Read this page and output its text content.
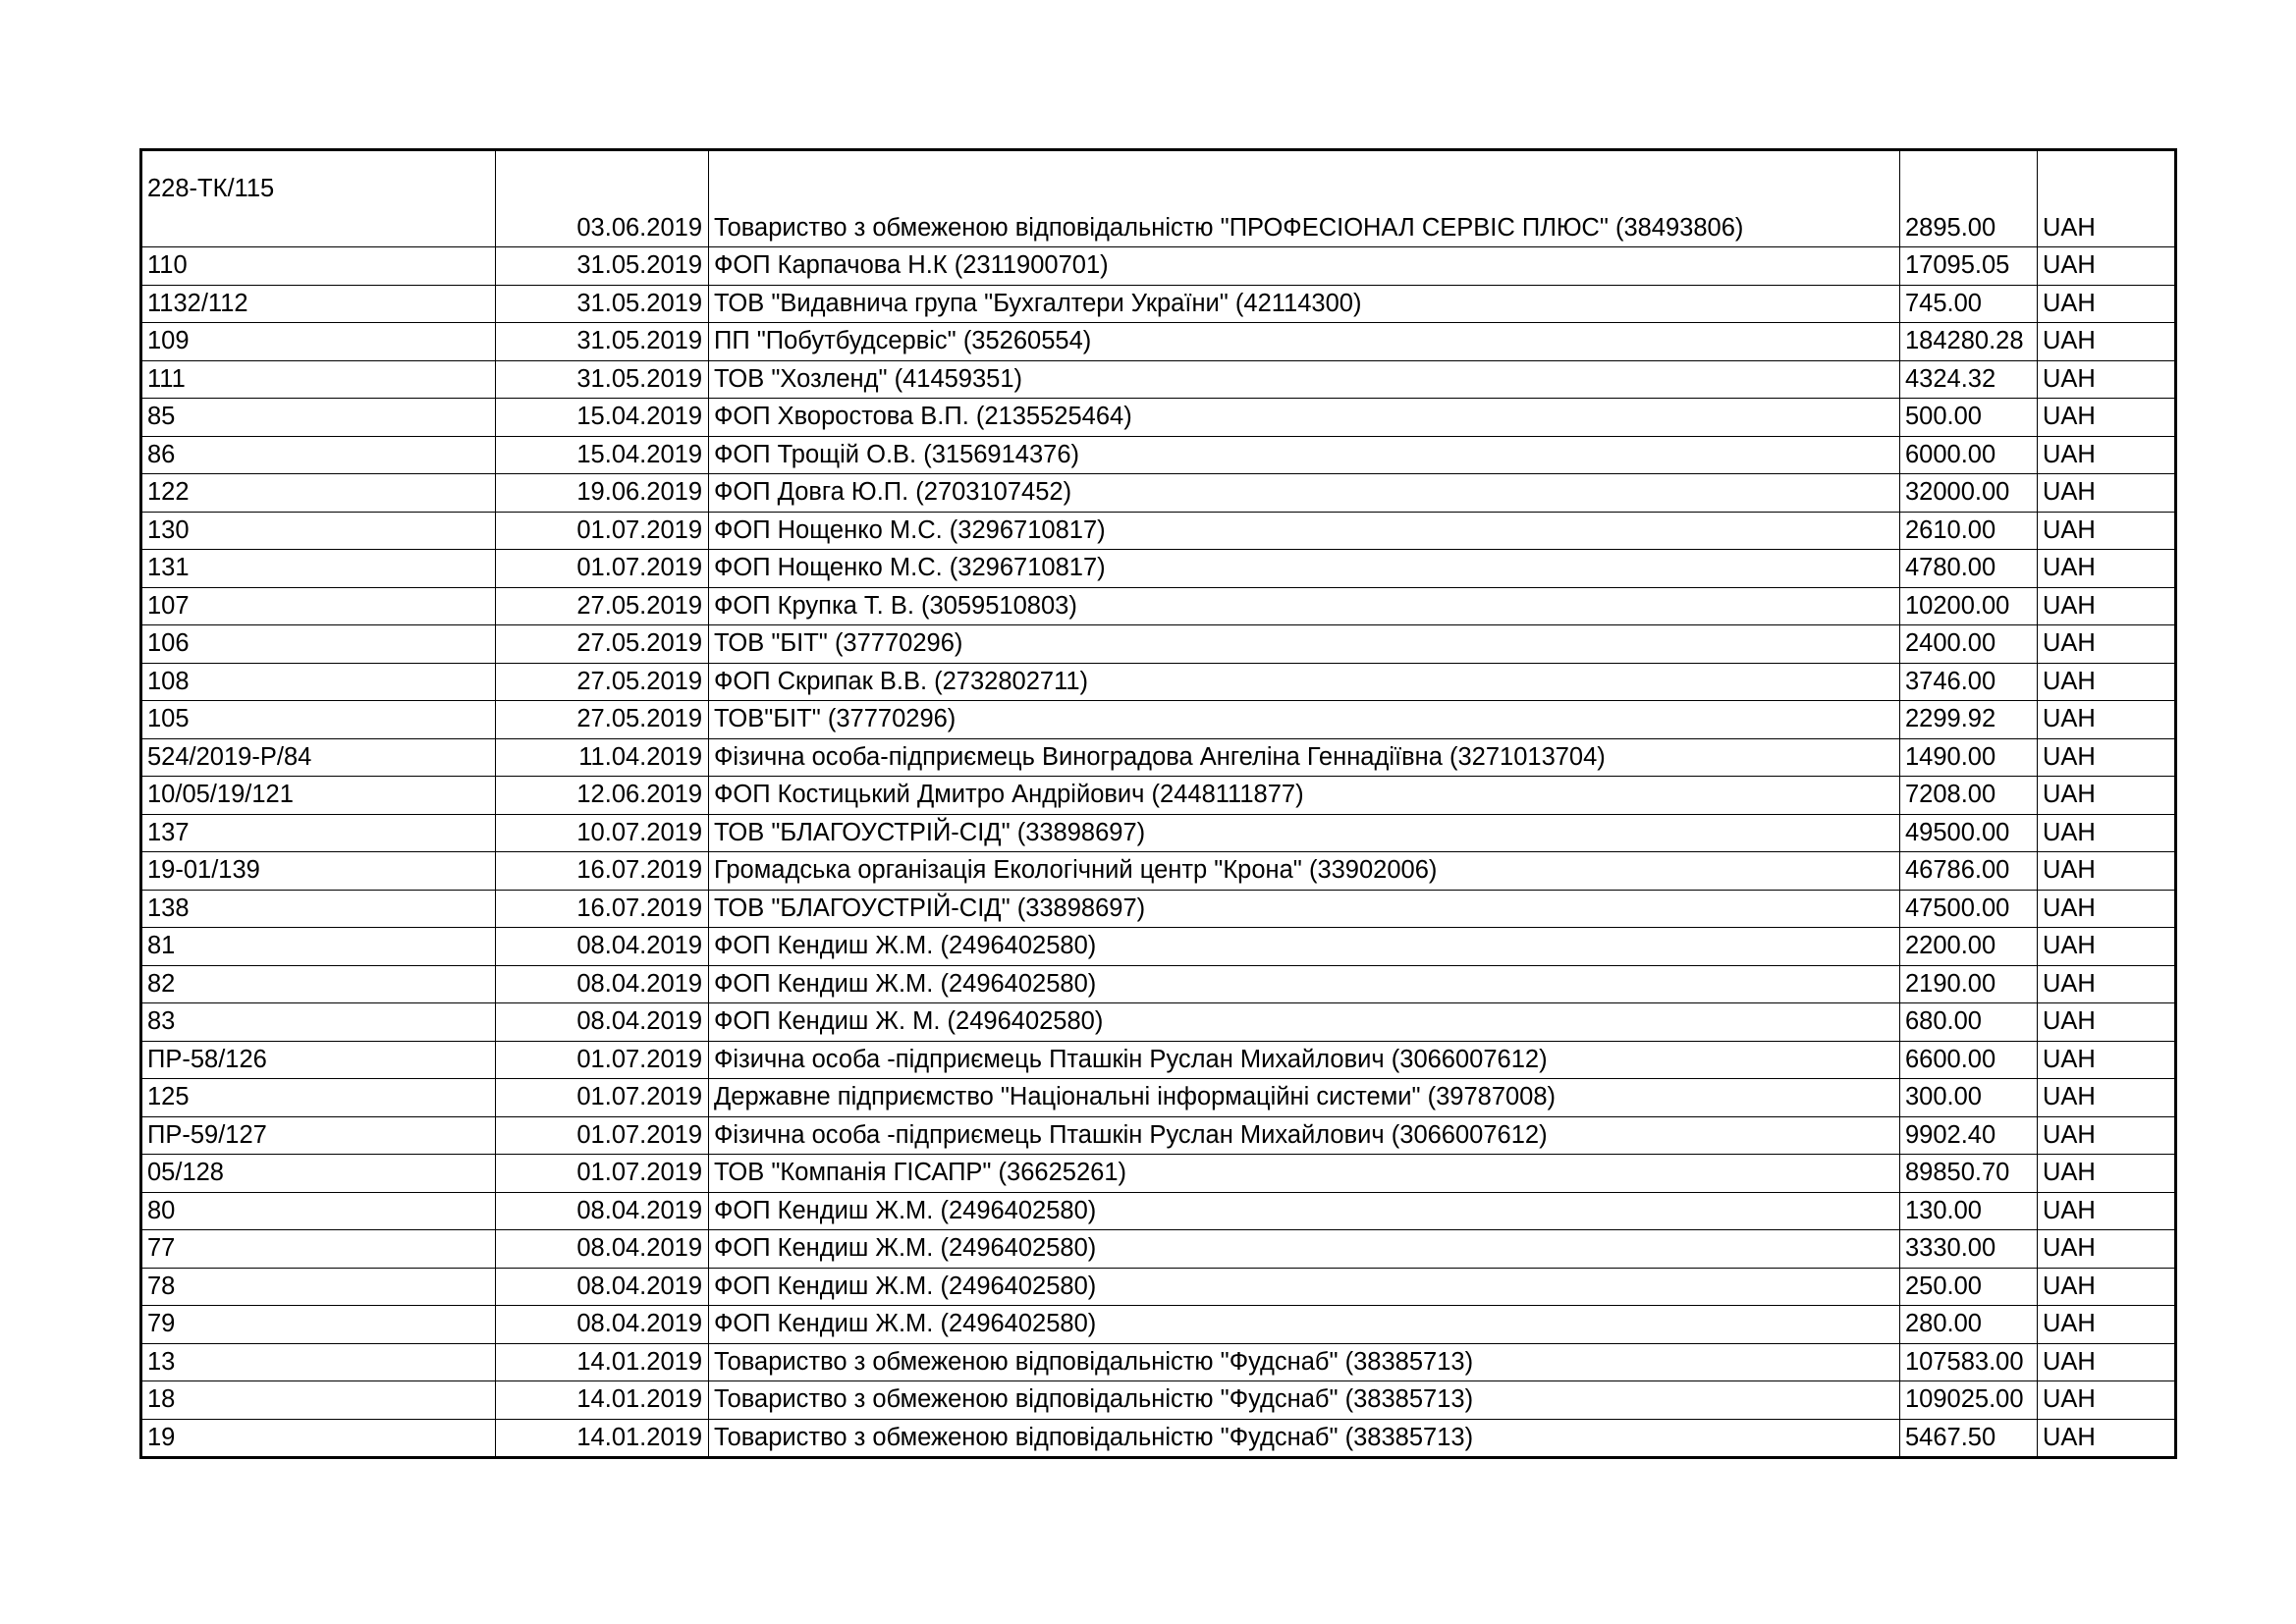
228-ТК/115	03.06.2019	Товариство з обмеженою відповідальністю "ПРОФЕСІОНАЛ СЕРВІС ПЛЮС" (38493806)	2895.00	UAH
110	31.05.2019	ФОП Карпачова Н.К (2311900701)	17095.05	UAH
1132/112	31.05.2019	ТОВ "Видавнича група "Бухгалтери України" (42114300)	745.00	UAH
109	31.05.2019	ПП "Побутбудсервіс" (35260554)	184280.28	UAH
111	31.05.2019	ТОВ "Хозленд" (41459351)	4324.32	UAH
85	15.04.2019	ФОП Хворостова В.П. (2135525464)	500.00	UAH
86	15.04.2019	ФОП Трощій О.В. (3156914376)	6000.00	UAH
122	19.06.2019	ФОП Довга Ю.П. (2703107452)	32000.00	UAH
130	01.07.2019	ФОП Нощенко М.С. (3296710817)	2610.00	UAH
131	01.07.2019	ФОП Нощенко М.С. (3296710817)	4780.00	UAH
107	27.05.2019	ФОП Крупка Т. В. (3059510803)	10200.00	UAH
106	27.05.2019	ТОВ "БІТ" (37770296)	2400.00	UAH
108	27.05.2019	ФОП Скрипак В.В. (2732802711)	3746.00	UAH
105	27.05.2019	ТОВ"БІТ" (37770296)	2299.92	UAH
524/2019-Р/84	11.04.2019	Фізична особа-підприємець Виноградова Ангеліна Геннадіївна (3271013704)	1490.00	UAH
10/05/19/121	12.06.2019	ФОП Костицький Дмитро Андрійович (2448111877)	7208.00	UAH
137	10.07.2019	ТОВ "БЛАГОУСТРІЙ-СІД" (33898697)	49500.00	UAH
19-01/139	16.07.2019	Громадська організація Екологічний центр "Крона" (33902006)	46786.00	UAH
138	16.07.2019	ТОВ "БЛАГОУСТРІЙ-СІД" (33898697)	47500.00	UAH
81	08.04.2019	ФОП Кендиш Ж.М. (2496402580)	2200.00	UAH
82	08.04.2019	ФОП Кендиш Ж.М. (2496402580)	2190.00	UAH
83	08.04.2019	ФОП Кендиш Ж. М. (2496402580)	680.00	UAH
ПР-58/126	01.07.2019	Фізична особа -підприємець Пташкін Руслан Михайлович (3066007612)	6600.00	UAH
125	01.07.2019	Державне підприємство "Національні інформаційні системи" (39787008)	300.00	UAH
ПР-59/127	01.07.2019	Фізична особа -підприємець Пташкін Руслан Михайлович (3066007612)	9902.40	UAH
05/128	01.07.2019	ТОВ "Компанія ГІСАПР" (36625261)	89850.70	UAH
80	08.04.2019	ФОП Кендиш Ж.М. (2496402580)	130.00	UAH
77	08.04.2019	ФОП Кендиш Ж.М. (2496402580)	3330.00	UAH
78	08.04.2019	ФОП Кендиш Ж.М. (2496402580)	250.00	UAH
79	08.04.2019	ФОП Кендиш Ж.М. (2496402580)	280.00	UAH
13	14.01.2019	Товариство з обмеженою відповідальністю "Фудснаб" (38385713)	107583.00	UAH
18	14.01.2019	Товариство з обмеженою відповідальністю "Фудснаб" (38385713)	109025.00	UAH
19	14.01.2019	Товариство з обмеженою відповідальністю "Фудснаб" (38385713)	5467.50	UAH
